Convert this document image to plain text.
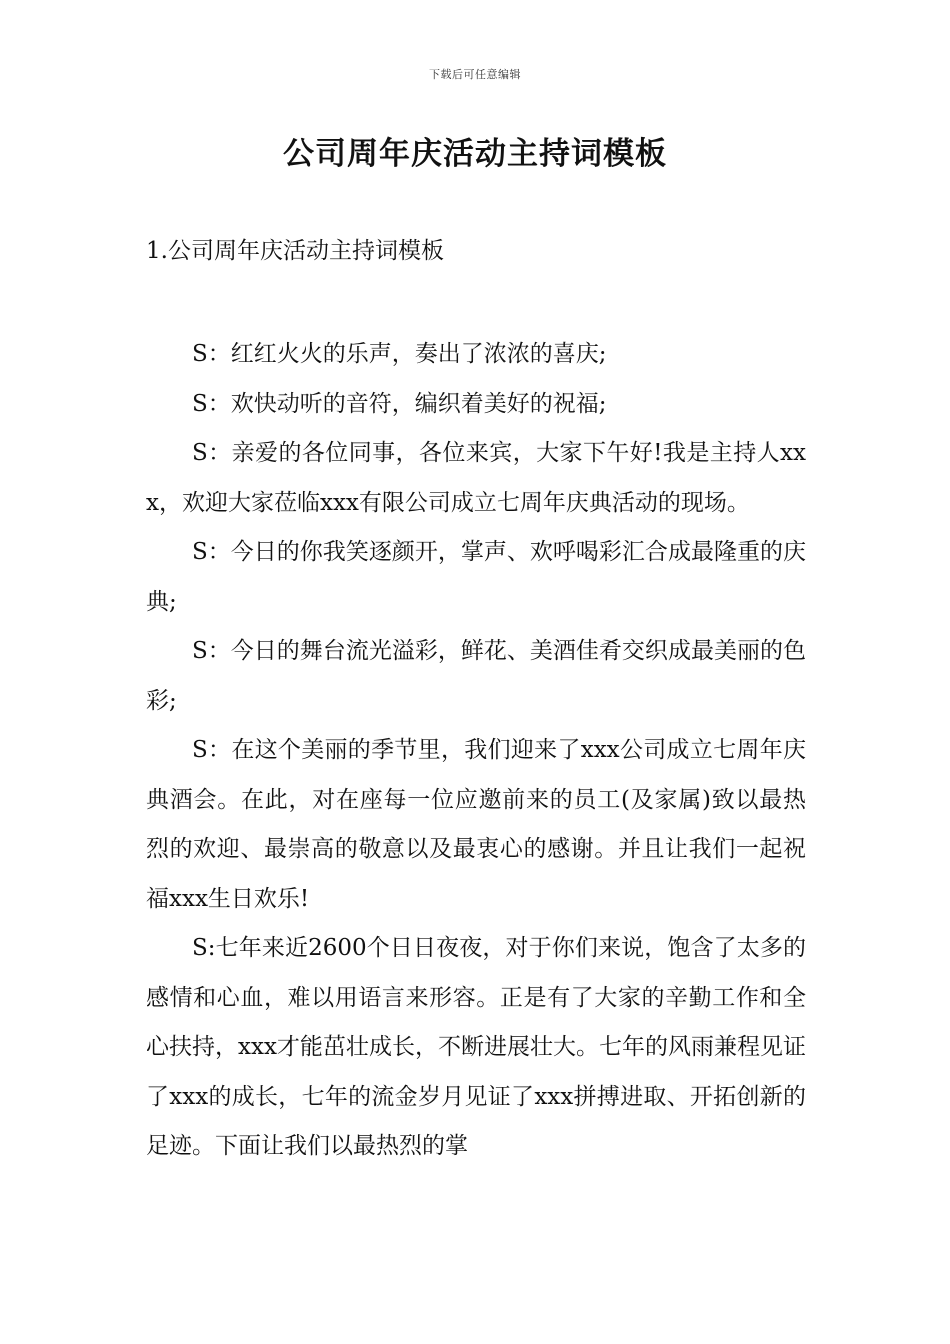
下载后可任意编辑
公司周年庆活动主持词模板
1.公司周年庆活动主持词模板

S：红红火火的乐声，奏出了浓浓的喜庆;

S：欢快动听的音符，编织着美好的祝福;

S：亲爱的各位同事，各位来宾，大家下午好!我是主持人xxx，欢迎大家莅临xxx有限公司成立七周年庆典活动的现场。

S：今日的你我笑逐颜开，掌声、欢呼喝彩汇合成最隆重的庆典;

S：今日的舞台流光溢彩，鲜花、美酒佳肴交织成最美丽的色彩;

S：在这个美丽的季节里，我们迎来了xxx公司成立七周年庆典酒会。在此，对在座每一位应邀前来的员工(及家属)致以最热烈的欢迎、最崇高的敬意以及最衷心的感谢。并且让我们一起祝福xxx生日欢乐!

S:七年来近2600个日日夜夜，对于你们来说，饱含了太多的感情和心血，难以用语言来形容。正是有了大家的辛勤工作和全心扶持，xxx才能茁壮成长，不断进展壮大。七年的风雨兼程见证了xxx的成长，七年的流金岁月见证了xxx拼搏进取、开拓创新的足迹。下面让我们以最热烈的掌
